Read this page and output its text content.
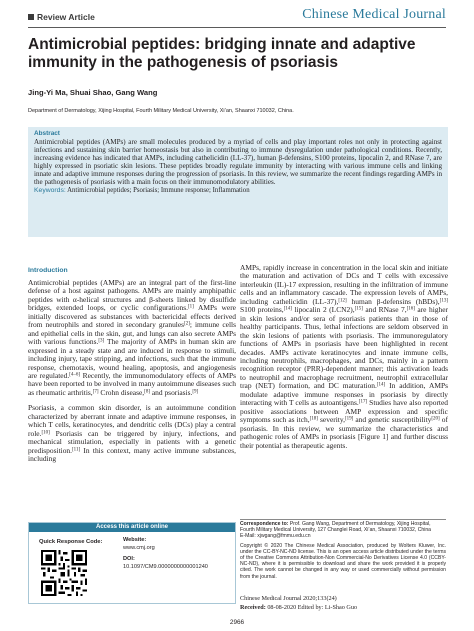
Review Article	Chinese Medical Journal
Antimicrobial peptides: bridging innate and adaptive immunity in the pathogenesis of psoriasis
Jing-Yi Ma, Shuai Shao, Gang Wang
Department of Dermatology, Xijing Hospital, Fourth Military Medical University, Xi’an, Shaanxi 710032, China.
Abstract
Antimicrobial peptides (AMPs) are small molecules produced by a myriad of cells and play important roles not only in protecting against infections and sustaining skin barrier homeostasis but also in contributing to immune dysregulation under pathological conditions. Recently, increasing evidence has indicated that AMPs, including cathelicidin (LL-37), human β-defensins, S100 proteins, lipocalin 2, and RNase 7, are highly expressed in psoriatic skin lesions. These peptides broadly regulate immunity by interacting with various immune cells and linking innate and adaptive immune responses during the progression of psoriasis. In this review, we summarize the recent findings regarding AMPs in the pathogenesis of psoriasis with a main focus on their immunomodulatory abilities.
Keywords: Antimicrobial peptides; Psoriasis; Immune response; Inflammation
Introduction

Antimicrobial peptides (AMPs) are an integral part of the first-line defense of a host against pathogens. AMPs are mainly amphipathic peptides with α-helical structures and β-sheets linked by disulfide bridges, extended loops, or cyclic configurations.[1] AMPs were initially discovered as substances with bactericidal effects derived from neutrophils and stored in secondary granules[2]; immune cells and epithelial cells in the skin, gut, and lungs can also secrete AMPs with various functions.[3] The majority of AMPs in human skin are expressed in a steady state and are induced in response to stimuli, including injury, tape stripping, and infections, such that the immune response, chemotaxis, wound healing, apoptosis, and angiogenesis are regulated.[4–6] Recently, the immunomodulatory effects of AMPs have been reported to be involved in many autoimmune diseases such as rheumatic arthritis,[7] Crohn disease,[8] and psoriasis.[9]

Psoriasis, a common skin disorder, is an autoimmune condition characterized by aberrant innate and adaptive immune responses, in which T cells, keratinocytes, and dendritic cells (DCs) play a central role.[10] Psoriasis can be triggered by injury, infections, and mechanical stimulation, especially in patients with a genetic predisposition.[11] In this context, many active immune substances, including

AMPs, rapidly increase in concentration in the local skin and initiate the maturation and activation of DCs and T cells with excessive interleukin (IL)-17 expression, resulting in the infiltration of immune cells and an inflammatory cascade. The expression levels of AMPs, including cathelicidin (LL-37),[12] human β-defensins (hBDs),[13] S100 proteins,[14] lipocalin 2 (LCN2),[15] and RNase 7,[16] are higher in skin lesions and/or sera of psoriasis patients than in those of healthy participants. Thus, lethal infections are seldom observed in the skin lesions of patients with psoriasis. The immunoregulatory functions of AMPs in psoriasis have been highlighted in recent decades. AMPs activate keratinocytes and innate immune cells, including neutrophils, macrophages, and DCs, mainly in a pattern recognition receptor (PRR)-dependent manner; this activation leads to neutrophil and macrophage recruitment, neutrophil extracellular trap (NET) formation, and DC maturation.[14] In addition, AMPs modulate adaptive immune responses in psoriasis by directly interacting with T cells as autoantigens.[17] Studies have also reported positive associations between AMP expression and specific symptoms such as itch,[18] severity,[19] and genetic susceptibility[20] of psoriasis. In this review, we summarize the characteristics and pathogenic roles of AMPs in psoriasis [Figure 1] and further discuss their potential as therapeutic agents.

Access this article online
Quick Response Code:	Website:
www.cmj.org
DOI:
10.1097/CM9.0000000000001240
Correspondence to: Prof. Gang Wang, Department of Dermatology, Xijing Hospital, Fourth Military Medical University, 127 Changlei Road, Xi’an, Shaanxi 710032, China
E-Mail: xjwgang@fmmu.edu.cn
Copyright © 2020 The Chinese Medical Association, produced by Wolters Kluwer, Inc. under the CC-BY-NC-ND license. This is an open access article distributed under the terms of the Creative Commons Attribution-Non Commercial-No Derivatives License 4.0 (CCBY-NC-ND), where it is permissible to download and share the work provided it is properly cited. The work cannot be changed in any way or used commercially without permission from the journal.
Chinese Medical Journal 2020;133(24)
Received: 08-08-2020 Edited by: Li-Shao Guo
2966
